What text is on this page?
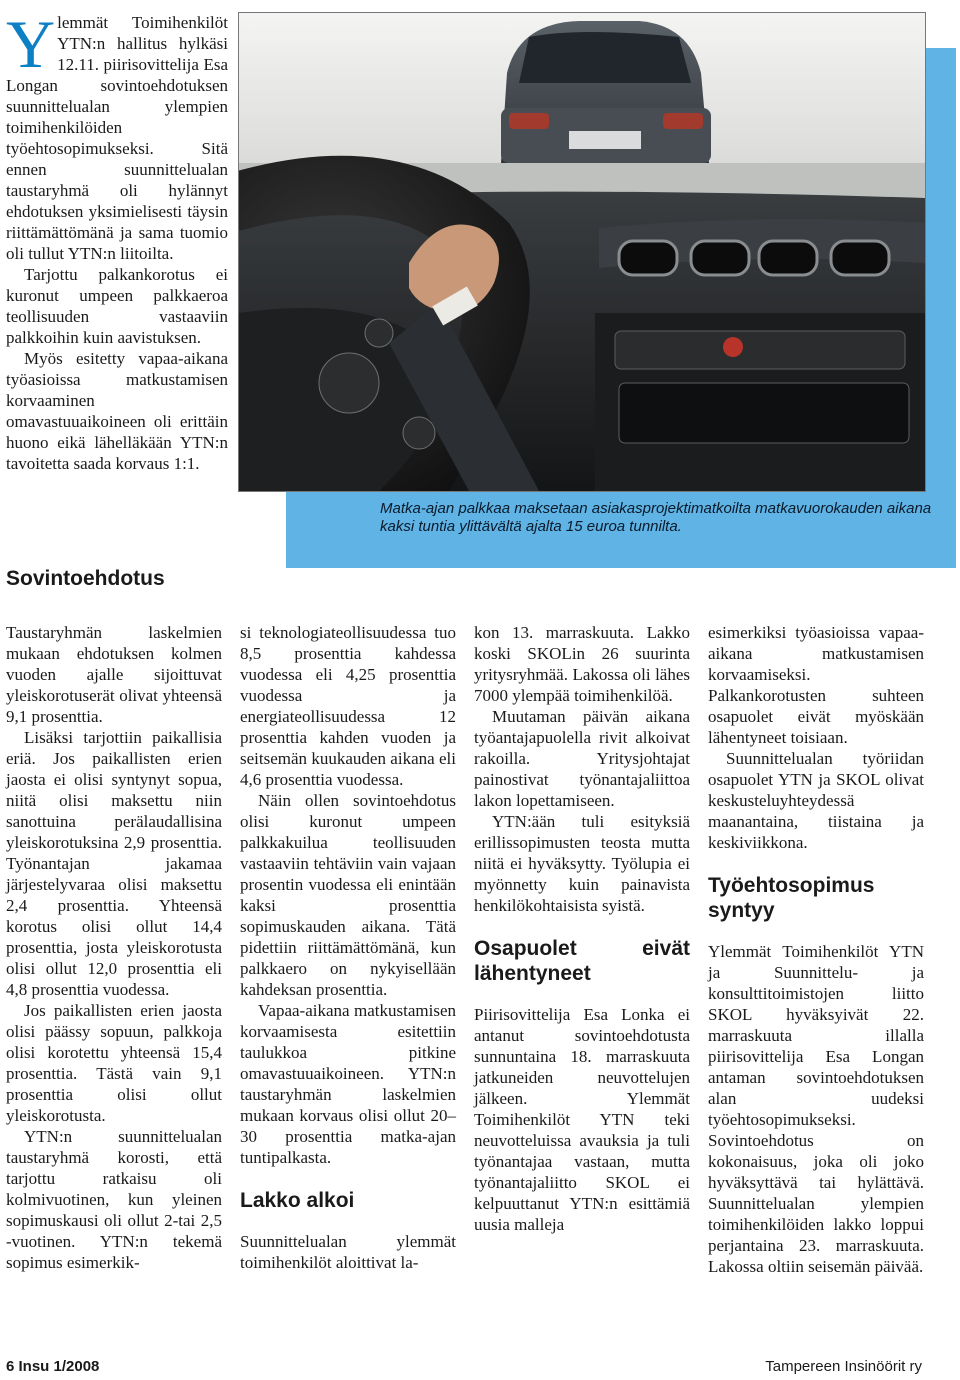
Ylemmät Toimihenkilöt YTN:n hallitus hylkäsi 12.11. piirisovittelija Esa Longan sovintoehdotuksen suunnittelualan ylempien toimihenkilöiden työehtosopimukseksi. Sitä ennen suunnittelualan taustaryhmä oli hylännyt ehdotuksen yksimielisesti täysin riittämättömänä ja sama tuomio oli tullut YTN:n liitoilta.

Tarjottu palkankorotus ei kuronut umpeen palkkaeroa teollisuuden vastaaviin palkkoihin kuin aavistuksen.

Myös esitetty vapaa-aikana työasioissa matkustamisen korvaaminen omavastuuaikoineen oli erittäin huono eikä lähelläkään YTN:n tavoitetta saada korvaus 1:1.

Matka-ajan palkkaa maksetaan asiakasprojektimatkoilta matkavuorokauden aikana kaksi tuntia ylittävältä ajalta 15 euroa tunnilta.
Sovintoehdotus

Taustaryhmän laskelmien mukaan ehdotuksen kolmen vuoden ajalle sijoittuvat yleiskorotuserät olivat yhteensä 9,1 prosenttia.

Lisäksi tarjottiin paikallisia eriä. Jos paikallisten erien jaosta ei olisi syntynyt sopua, niitä olisi maksettu niin sanottuina perälaudallisina yleiskorotuksina 2,9 prosenttia. Työnantajan jakamaa järjestelyvaraa olisi maksettu 2,4 prosenttia. Yhteensä korotus olisi ollut 14,4 prosenttia, josta yleiskorotusta olisi ollut 12,0 prosenttia eli 4,8 prosenttia vuodessa.

Jos paikallisten erien jaosta olisi päässy sopuun, palkkoja olisi korotettu yhteensä 15,4 prosenttia. Tästä vain 9,1 prosenttia olisi ollut yleiskorotusta.

YTN:n suunnittelualan taustaryhmä korosti, että tarjottu ratkaisu oli kolmivuotinen, kun yleinen sopimuskausi oli ollut 2-tai 2,5 -vuotinen. YTN:n tekemä sopimus esimerkik-

si teknologiateollisuudessa tuo 8,5 prosenttia kahdessa vuodessa eli 4,25 prosenttia vuodessa ja energiateollisuudessa 12 prosenttia kahden vuoden ja seitsemän kuukauden aikana eli 4,6 prosenttia vuodessa.

Näin ollen sovintoehdotus olisi kuronut umpeen palkkakuilua teollisuuden vastaaviin tehtäviin vain vajaan prosentin vuodessa eli enintään kaksi prosenttia sopimuskauden aikana. Tätä pidettiin riittämättömänä, kun palkkaero on nykyisellään kahdeksan prosenttia.

Vapaa-aikana matkustamisen korvaamisesta esitettiin taulukkoa pitkine omavastuuaikoineen. YTN:n taustaryhmän laskelmien mukaan korvaus olisi ollut 20–30 prosenttia matka-ajan tuntipalkasta.

Lakko alkoi

Suunnittelualan ylemmät toimihenkilöt aloittivat la-

kon 13. marraskuuta. Lakko koski SKOLin 26 suurinta yritysryhmää. Lakossa oli lähes 7000 ylempää toimihenkilöä.

Muutaman päivän aikana työantajapuolella rivit alkoivat rakoilla. Yritysjohtajat painostivat työnantajaliittoa lakon lopettamiseen.

YTN:ään tuli esityksiä erillissopimusten teosta mutta niitä ei hyväksytty. Työlupia ei myönnetty kuin painavista henkilökohtaisista syistä.

Osapuolet eivät lähentyneet

Piirisovittelija Esa Lonka ei antanut sovintoehdotusta sunnuntaina 18. marraskuuta jatkuneiden neuvottelujen jälkeen. Ylemmät Toimihenkilöt YTN teki neuvotteluissa avauksia ja tuli työnantajaa vastaan, mutta työnantajaliitto SKOL ei kelpuuttanut YTN:n esittämiä uusia malleja

esimerkiksi työasioissa vapaa-aikana matkustamisen korvaamiseksi. Palkankorotusten suhteen osapuolet eivät myöskään lähentyneet toisiaan.

Suunnittelualan työriidan osapuolet YTN ja SKOL olivat keskusteluyhteydessä maanantaina, tiistaina ja keskiviikkona.

Työehtosopimus syntyy

Ylemmät Toimihenkilöt YTN ja Suunnittelu- ja konsulttitoimistojen liitto SKOL hyväksyivät 22. marraskuuta illalla piirisovittelija Esa Longan antaman sovintoehdotuksen alan uudeksi työehtosopimukseksi. Sovintoehdotus on kokonaisuus, joka oli joko hyväksyttävä tai hylättävä. Suunnittelualan ylempien toimihenkilöiden lakko loppui perjantaina 23. marraskuuta. Lakossa oltiin seisemän päivää.

6 Insu 1/2008	Tampereen Insinöörit ry
